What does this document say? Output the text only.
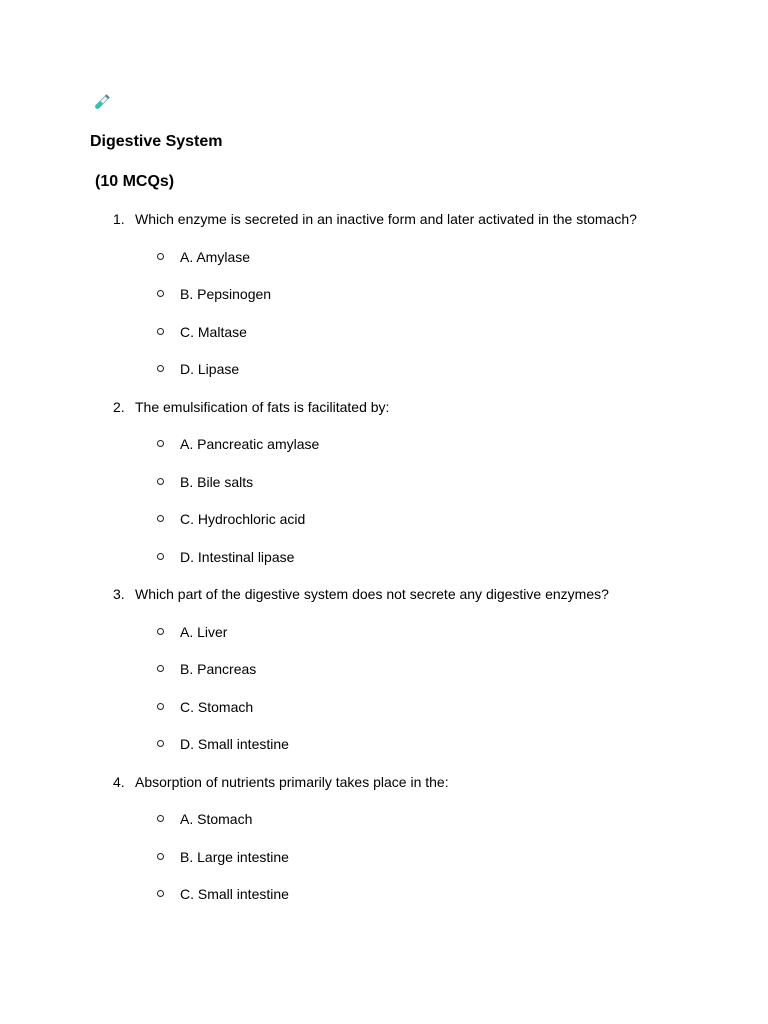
Digestive System
(10 MCQs)
1. Which enzyme is secreted in an inactive form and later activated in the stomach?
A. Amylase
B. Pepsinogen
C. Maltase
D. Lipase
2. The emulsification of fats is facilitated by:
A. Pancreatic amylase
B. Bile salts
C. Hydrochloric acid
D. Intestinal lipase
3. Which part of the digestive system does not secrete any digestive enzymes?
A. Liver
B. Pancreas
C. Stomach
D. Small intestine
4. Absorption of nutrients primarily takes place in the:
A. Stomach
B. Large intestine
C. Small intestine
